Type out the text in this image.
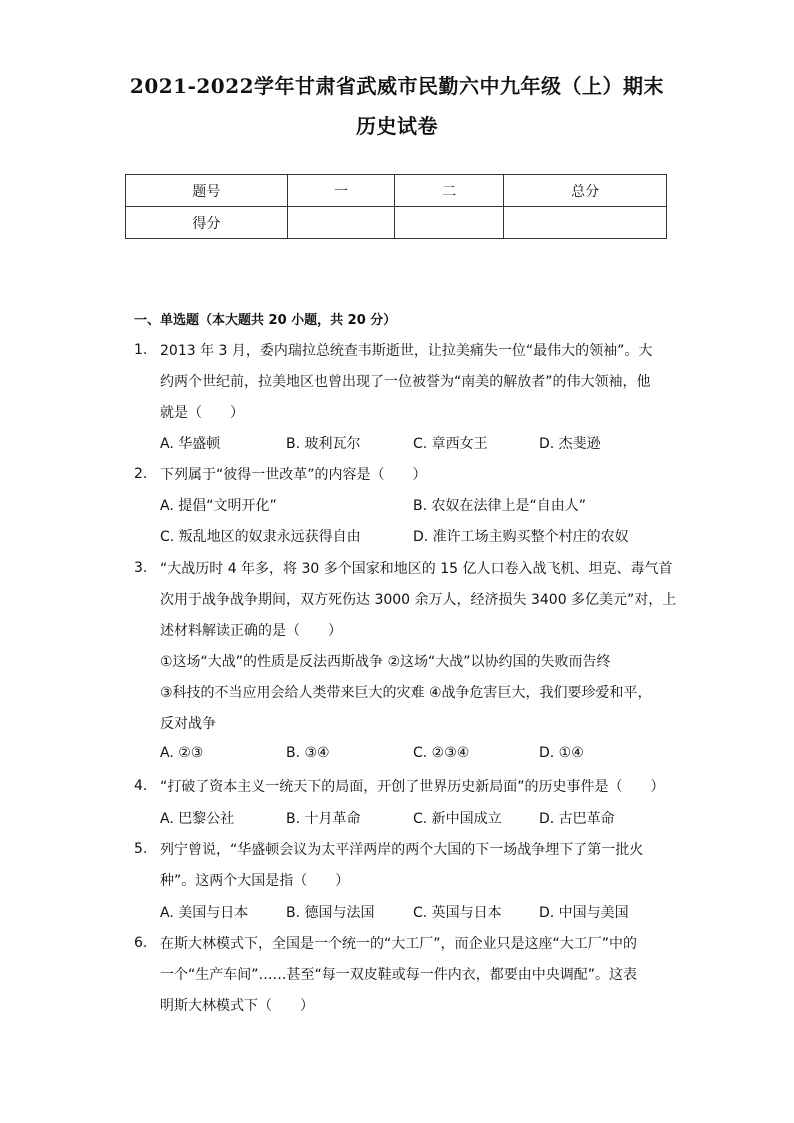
2021-2022学年甘肃省武威市民勤六中九年级（上）期末
历史试卷
题号	一	二	总分
得分			
一、单选题（本大题共 20 小题，共 20 分）
1. 2013 年 3 月，委内瑞拉总统查韦斯逝世，让拉美痛失一位“最伟大的领袖”。大
约两个世纪前，拉美地区也曾出现了一位被誉为“南美的解放者”的伟大领袖，他
就是（　　）
A. 华盛顿	B. 玻利瓦尔	C. 章西女王	D. 杰斐逊
2. 下列属于“彼得一世改革”的内容是（　　）
A. 提倡“文明开化”	B. 农奴在法律上是“自由人”
C. 叛乱地区的奴隶永远获得自由	D. 准许工场主购买整个村庄的农奴
3. “大战历时 4 年多，将 30 多个国家和地区的 15 亿人口卷入战飞机、坦克、毒气首
次用于战争战争期间，双方死伤达 3000 余万人，经济损失 3400 多亿美元”对，上
述材料解读正确的是（　　）
①这场“大战”的性质是反法西斯战争 ②这场“大战”以协约国的失败而告终
③科技的不当应用会给人类带来巨大的灾难 ④战争危害巨大，我们要珍爱和平，
反对战争
A. ②③	B. ③④	C. ②③④	D. ①④
4. “打破了资本主义一统天下的局面，开创了世界历史新局面”的历史事件是（　　）
A. 巴黎公社	B. 十月革命	C. 新中国成立	D. 古巴革命
5. 列宁曾说，“华盛顿会议为太平洋两岸的两个大国的下一场战争埋下了第一批火
种”。这两个大国是指（　　）
A. 美国与日本	B. 德国与法国	C. 英国与日本	D. 中国与美国
6. 在斯大林模式下，全国是一个统一的“大工厂”，而企业只是这座“大工厂”中的
一个“生产车间”……甚至“每一双皮鞋或每一件内衣，都要由中央调配”。这表
明斯大林模式下（　　）
